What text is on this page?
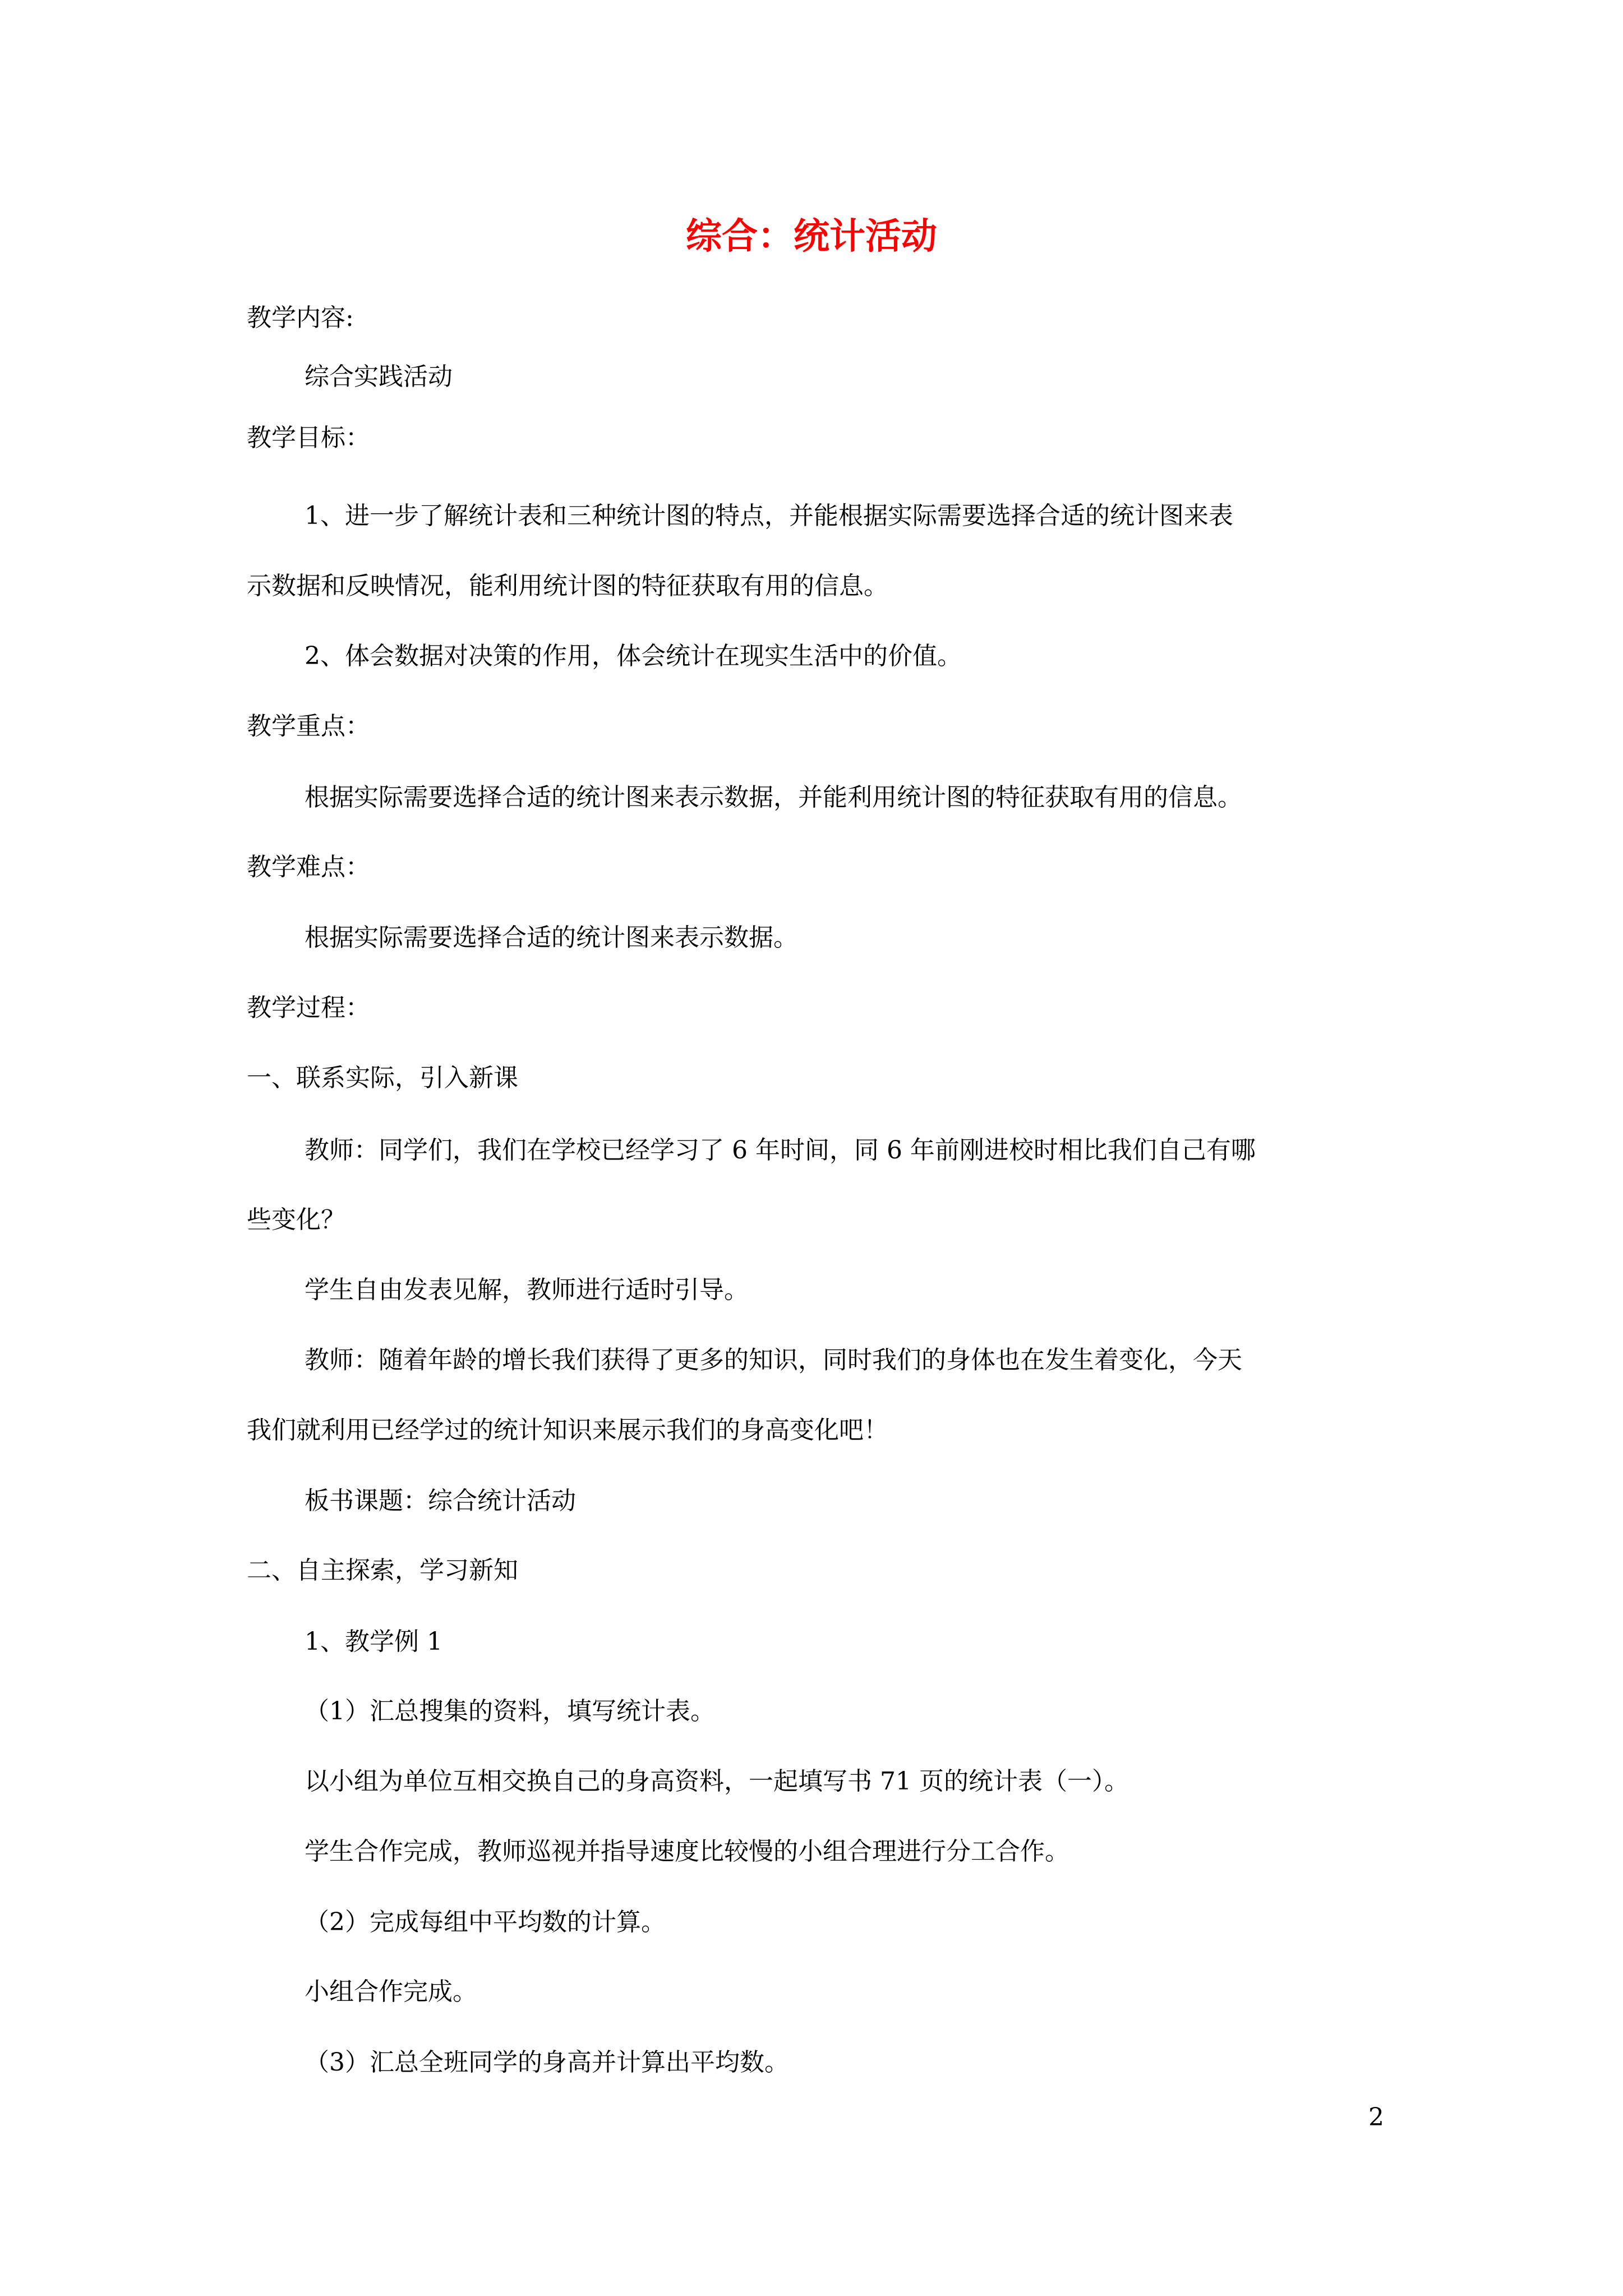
综合：统计活动
教学内容:
综合实践活动
教学目标：
1、进一步了解统计表和三种统计图的特点，并能根据实际需要选择合适的统计图来表
示数据和反映情况，能利用统计图的特征获取有用的信息。
2、体会数据对决策的作用，体会统计在现实生活中的价值。
教学重点：
根据实际需要选择合适的统计图来表示数据，并能利用统计图的特征获取有用的信息。
教学难点：
根据实际需要选择合适的统计图来表示数据。
教学过程：
一、联系实际，引入新课
教师：同学们，我们在学校已经学习了 6 年时间，同 6 年前刚进校时相比我们自己有哪
些变化？
学生自由发表见解，教师进行适时引导。
教师：随着年龄的增长我们获得了更多的知识，同时我们的身体也在发生着变化，今天
我们就利用已经学过的统计知识来展示我们的身高变化吧！
板书课题：综合统计活动
二、自主探索，学习新知
1、教学例 1
（1）汇总搜集的资料，填写统计表。
以小组为单位互相交换自己的身高资料，一起填写书 71 页的统计表（一）。
学生合作完成，教师巡视并指导速度比较慢的小组合理进行分工合作。
（2）完成每组中平均数的计算。
小组合作完成。
（3）汇总全班同学的身高并计算出平均数。
2
